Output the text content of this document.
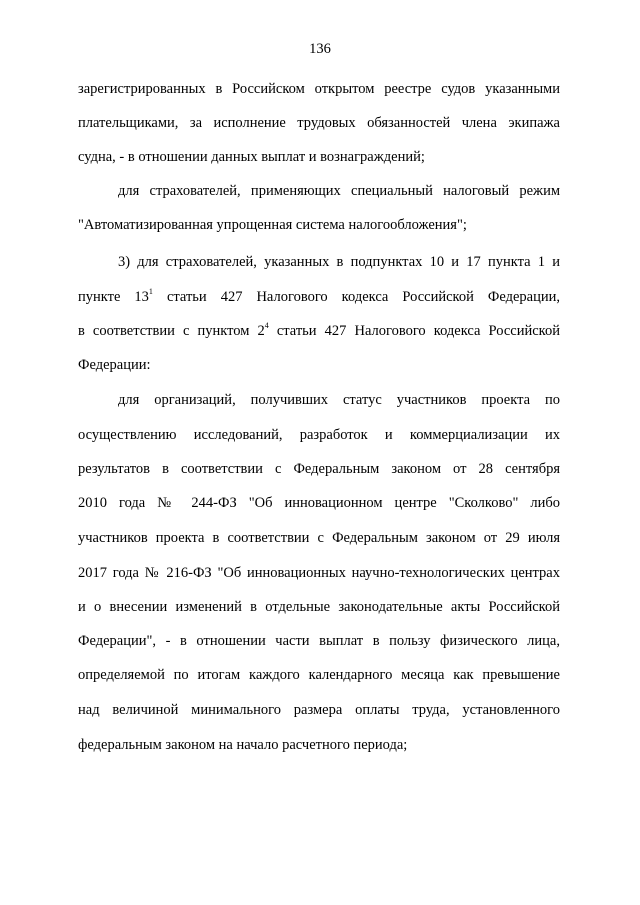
136
зарегистрированных в Российском открытом реестре судов указанными
плательщиками, за исполнение трудовых обязанностей члена экипажа
судна, - в отношении данных выплат и вознаграждений;
для страхователей, применяющих специальный налоговый режим
"Автоматизированная упрощенная система налогообложения";
3) для страхователей, указанных в подпунктах 10 и 17 пункта 1 и
пункте $13^1$ статьи 427 Налогового кодекса Российской Федерации,
в соответствии с пунктом $2^4$ статьи 427 Налогового кодекса Российской
Федерации:
для организаций, получивших статус участников проекта по
осуществлению исследований, разработок и коммерциализации их
результатов в соответствии с Федеральным законом от 28 сентября
2010 года № 244-ФЗ "Об инновационном центре "Сколково" либо
участников проекта в соответствии с Федеральным законом от 29 июля
2017 года № 216-ФЗ "Об инновационных научно-технологических центрах
и о внесении изменений в отдельные законодательные акты Российской
Федерации", - в отношении части выплат в пользу физического лица,
определяемой по итогам каждого календарного месяца как превышение
над величиной минимального размера оплаты труда, установленного
федеральным законом на начало расчетного периода;
